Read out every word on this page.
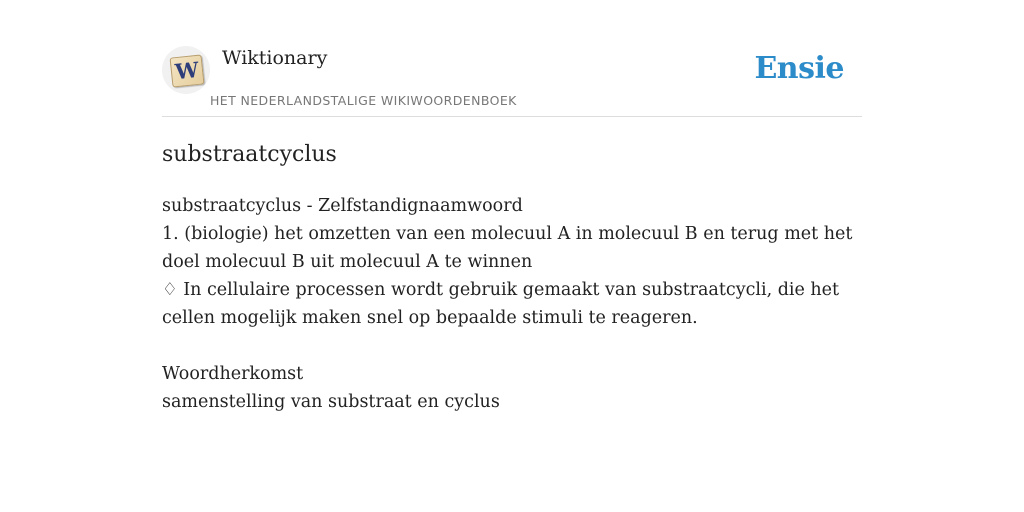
W Wiktionary
HET NEDERLANDSTALIGE WIKIWOORDENBOEK
Ensie
substraatcyclus

substraatcyclus - Zelfstandignaamwoord

1. (biologie) het omzetten van een molecuul A in molecuul B en terug met het doel molecuul B uit molecuul A te winnen

♢ In cellulaire processen wordt gebruik gemaakt van substraatcycli, die het cellen mogelijk maken snel op bepaalde stimuli te reageren.

Woordherkomst

samenstelling van substraat en cyclus
